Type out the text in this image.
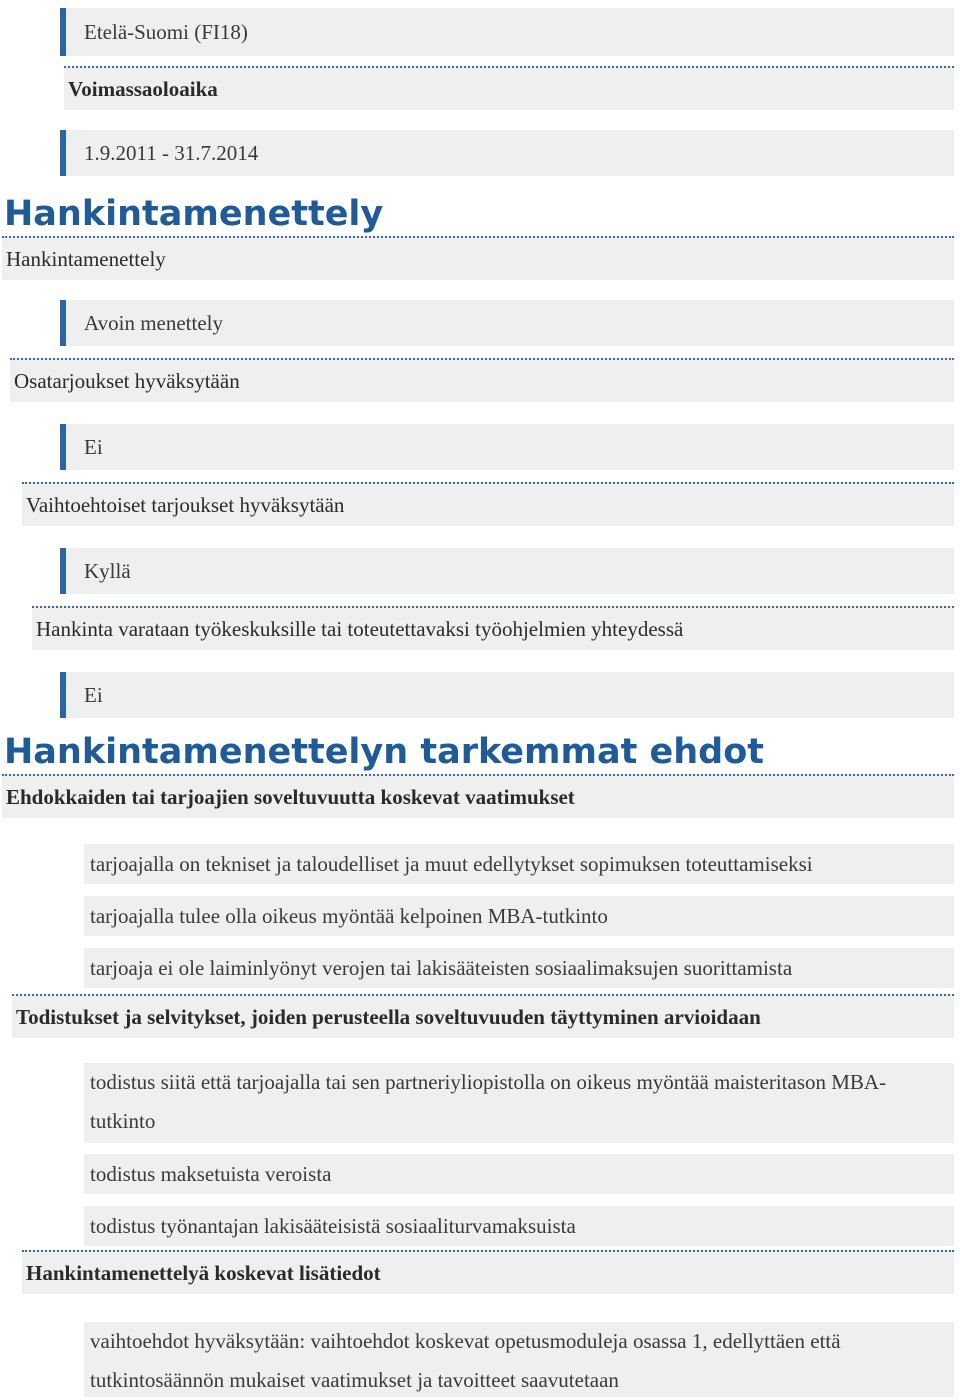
Etelä-Suomi (FI18)
Voimassaoloaika
1.9.2011 - 31.7.2014
Hankintamenettely
Hankintamenettely
Avoin menettely
Osatarjoukset hyväksytään
Ei
Vaihtoehtoiset tarjoukset hyväksytään
Kyllä
Hankinta varataan työkeskuksille tai toteutettavaksi työohjelmien yhteydessä
Ei
Hankintamenettelyn tarkemmat ehdot
Ehdokkaiden tai tarjoajien soveltuvuutta koskevat vaatimukset
tarjoajalla on tekniset ja taloudelliset ja muut edellytykset sopimuksen toteuttamiseksi
tarjoajalla tulee olla oikeus myöntää kelpoinen MBA-tutkinto
tarjoaja ei ole laiminlyönyt verojen tai lakisääteisten sosiaalimaksujen suorittamista
Todistukset ja selvitykset, joiden perusteella soveltuvuuden täyttyminen arvioidaan
todistus siitä että tarjoajalla tai sen partneriyliopistolla on oikeus myöntää maisteritason MBA-tutkinto
todistus maksetuista veroista
todistus työnantajan lakisääteisistä sosiaaliturvamaksuista
Hankintamenettelyä koskevat lisätiedot
vaihtoehdot hyväksytään: vaihtoehdot koskevat opetusmoduleja osassa 1, edellyttäen että tutkintosäännön mukaiset vaatimukset ja tavoitteet saavutetaan
